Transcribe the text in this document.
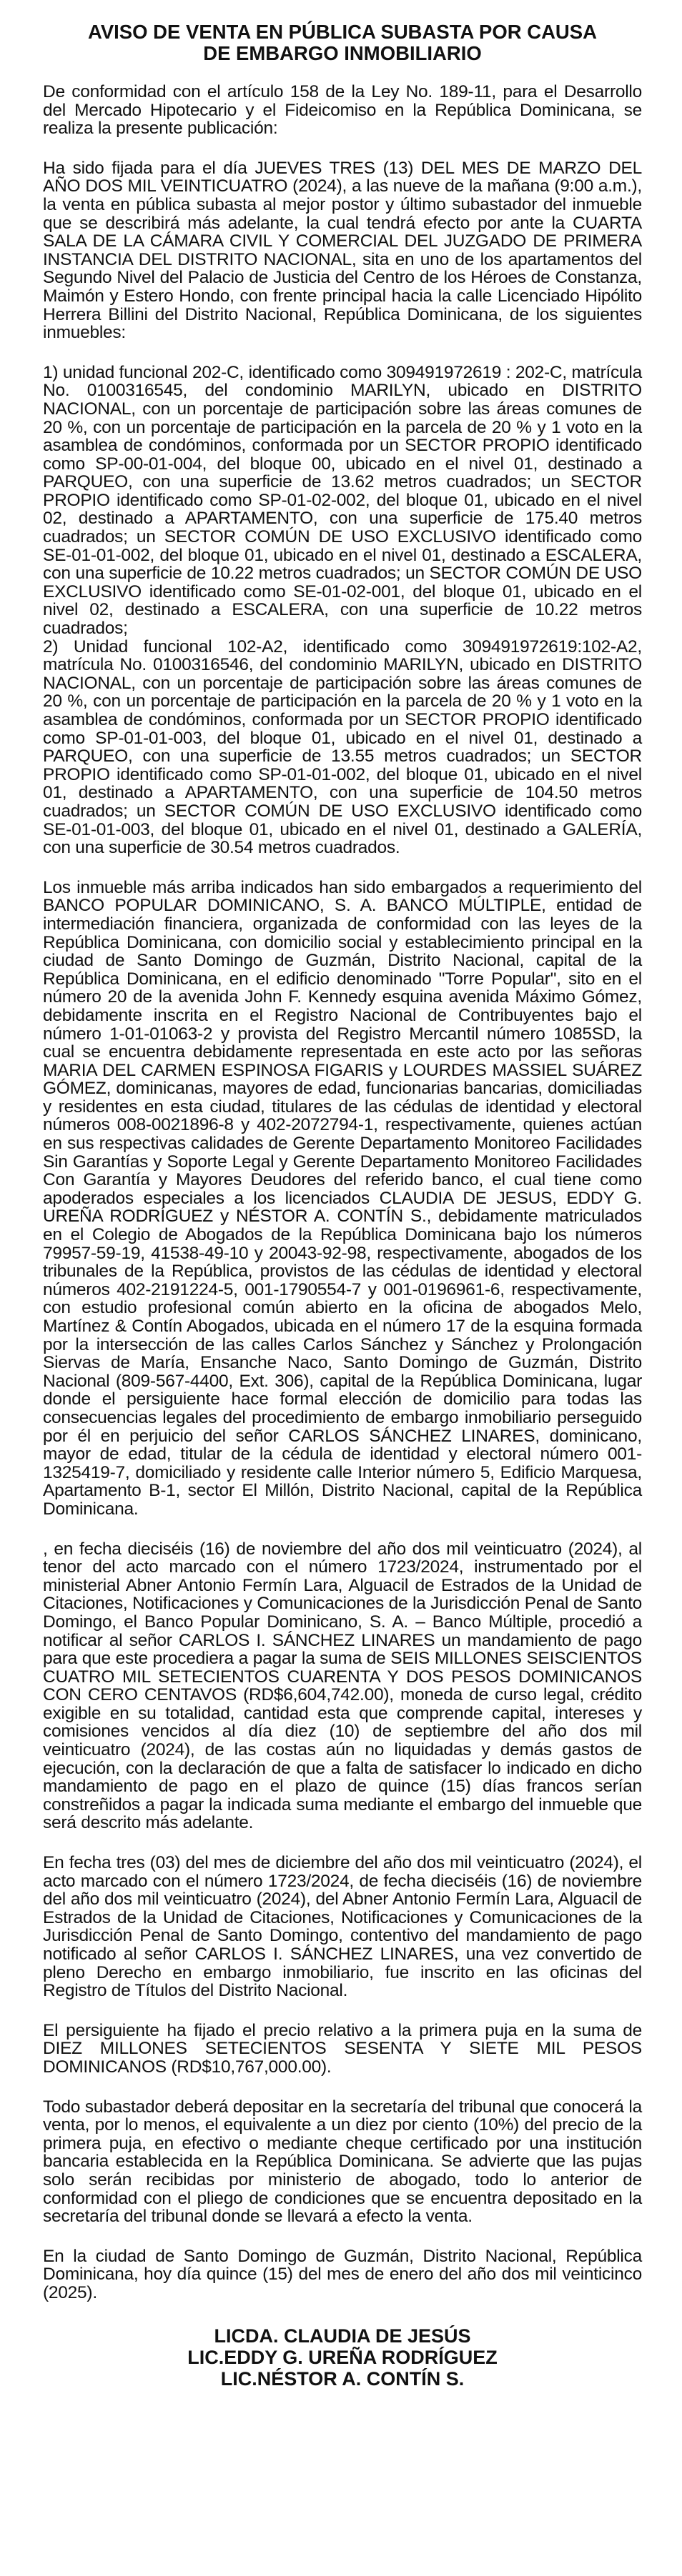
AVISO DE VENTA EN PÚBLICA SUBASTA POR CAUSA
DE EMBARGO INMOBILIARIO

De conformidad con el artículo 158 de la Ley No. 189-11, para el Desarrollo del Mercado Hipotecario y el Fideicomiso en la República Dominicana, se realiza la presente publicación:

Ha sido fijada para el día JUEVES TRES (13) DEL MES DE MARZO DEL AÑO DOS MIL VEINTICUATRO (2024), a las nueve de la mañana (9:00 a.m.), la venta en pública subasta al mejor postor y último subastador del inmueble que se describirá más adelante, la cual tendrá efecto por ante la CUARTA SALA DE LA CÁMARA CIVIL Y COMERCIAL DEL JUZGADO DE PRIMERA INSTANCIA DEL DISTRITO NACIONAL, sita en uno de los apartamentos del Segundo Nivel del Palacio de Justicia del Centro de los Héroes de Constanza, Maimón y Estero Hondo, con frente principal hacia la calle Licenciado Hipólito Herrera Billini del Distrito Nacional, República Dominicana, de los siguientes inmuebles:

1) unidad funcional 202-C, identificado como 309491972619 : 202-C, matrícula No. 0100316545, del condominio MARILYN, ubicado en DISTRITO NACIONAL, con un porcentaje de participación sobre las áreas comunes de 20 %, con un porcentaje de participación en la parcela de 20 % y 1 voto en la asamblea de condóminos, conformada por un SECTOR PROPIO identificado como SP-00-01-004, del bloque 00, ubicado en el nivel 01, destinado a PARQUEO, con una superficie de 13.62 metros cuadrados; un SECTOR PROPIO identificado como SP-01-02-002, del bloque 01, ubicado en el nivel 02, destinado a APARTAMENTO, con una superficie de 175.40 metros cuadrados; un SECTOR COMÚN DE USO EXCLUSIVO identificado como SE-01-01-002, del bloque 01, ubicado en el nivel 01, destinado a ESCALERA, con una superficie de 10.22 metros cuadrados; un SECTOR COMÚN DE USO EXCLUSIVO identificado como SE-01-02-001, del bloque 01, ubicado en el nivel 02, destinado a ESCALERA, con una superficie de 10.22 metros cuadrados;

2) Unidad funcional 102-A2, identificado como 309491972619:102-A2, matrícula No. 0100316546, del condominio MARILYN, ubicado en DISTRITO NACIONAL, con un porcentaje de participación sobre las áreas comunes de 20 %, con un porcentaje de participación en la parcela de 20 % y 1 voto en la asamblea de condóminos, conformada por un SECTOR PROPIO identificado como SP-01-01-003, del bloque 01, ubicado en el nivel 01, destinado a PARQUEO, con una superficie de 13.55 metros cuadrados; un SECTOR PROPIO identificado como SP-01-01-002, del bloque 01, ubicado en el nivel 01, destinado a APARTAMENTO, con una superficie de 104.50 metros cuadrados; un SECTOR COMÚN DE USO EXCLUSIVO identificado como SE-01-01-003, del bloque 01, ubicado en el nivel 01, destinado a GALERÍA, con una superficie de 30.54 metros cuadrados.

Los inmueble más arriba indicados han sido embargados a requerimiento del BANCO POPULAR DOMINICANO, S. A. BANCO MÚLTIPLE, entidad de intermediación financiera, organizada de conformidad con las leyes de la República Dominicana, con domicilio social y establecimiento principal en la ciudad de Santo Domingo de Guzmán, Distrito Nacional, capital de la República Dominicana, en el edificio denominado "Torre Popular", sito en el número 20 de la avenida John F. Kennedy esquina avenida Máximo Gómez, debidamente inscrita en el Registro Nacional de Contribuyentes bajo el número 1-01-01063-2 y provista del Registro Mercantil número 1085SD, la cual se encuentra debidamente representada en este acto por las señoras MARIA DEL CARMEN ESPINOSA FIGARIS y LOURDES MASSIEL SUÁREZ GÓMEZ, dominicanas, mayores de edad, funcionarias bancarias, domiciliadas y residentes en esta ciudad, titulares de las cédulas de identidad y electoral números 008-0021896-8 y 402-2072794-1, respectivamente, quienes actúan en sus respectivas calidades de Gerente Departamento Monitoreo Facilidades Sin Garantías y Soporte Legal y Gerente Departamento Monitoreo Facilidades Con Garantía y Mayores Deudores del referido banco, el cual tiene como apoderados especiales a los licenciados CLAUDIA DE JESUS, EDDY G. UREÑA RODRÍGUEZ y NÉSTOR A. CONTÍN S., debidamente matriculados en el Colegio de Abogados de la República Dominicana bajo los números 79957-59-19, 41538-49-10 y 20043-92-98, respectivamente, abogados de los tribunales de la República, provistos de las cédulas de identidad y electoral números 402-2191224-5, 001-1790554-7 y 001-0196961-6, respectivamente, con estudio profesional común abierto en la oficina de abogados Melo, Martínez & Contín Abogados, ubicada en el número 17 de la esquina formada por la intersección de las calles Carlos Sánchez y Sánchez y Prolongación Siervas de María, Ensanche Naco, Santo Domingo de Guzmán, Distrito Nacional (809-567-4400, Ext. 306), capital de la República Dominicana, lugar donde el persiguiente hace formal elección de domicilio para todas las consecuencias legales del procedimiento de embargo inmobiliario perseguido por él en perjuicio del señor CARLOS SÁNCHEZ LINARES, dominicano, mayor de edad, titular de la cédula de identidad y electoral número 001-1325419-7, domiciliado y residente calle Interior número 5, Edificio Marquesa, Apartamento B-1, sector El Millón, Distrito Nacional, capital de la República Dominicana.

, en fecha dieciséis (16) de noviembre del año dos mil veinticuatro (2024), al tenor del acto marcado con el número 1723/2024, instrumentado por el ministerial Abner Antonio Fermín Lara, Alguacil de Estrados de la Unidad de Citaciones, Notificaciones y Comunicaciones de la Jurisdicción Penal de Santo Domingo, el Banco Popular Dominicano, S. A. – Banco Múltiple, procedió a notificar al señor CARLOS I. SÁNCHEZ LINARES un mandamiento de pago para que este procediera a pagar la suma de SEIS MILLONES SEISCIENTOS CUATRO MIL SETECIENTOS CUARENTA Y DOS PESOS DOMINICANOS CON CERO CENTAVOS (RD$6,604,742.00), moneda de curso legal, crédito exigible en su totalidad, cantidad esta que comprende capital, intereses y comisiones vencidos al día diez (10) de septiembre del año dos mil veinticuatro (2024), de las costas aún no liquidadas y demás gastos de ejecución, con la declaración de que a falta de satisfacer lo indicado en dicho mandamiento de pago en el plazo de quince (15) días francos serían constreñidos a pagar la indicada suma mediante el embargo del inmueble que será descrito más adelante.

En fecha tres (03) del mes de diciembre del año dos mil veinticuatro (2024), el acto marcado con el número 1723/2024, de fecha dieciséis (16) de noviembre del año dos mil veinticuatro (2024), del Abner Antonio Fermín Lara, Alguacil de Estrados de la Unidad de Citaciones, Notificaciones y Comunicaciones de la Jurisdicción Penal de Santo Domingo, contentivo del mandamiento de pago notificado al señor CARLOS I. SÁNCHEZ LINARES, una vez convertido de pleno Derecho en embargo inmobiliario, fue inscrito en las oficinas del Registro de Títulos del Distrito Nacional.

El persiguiente ha fijado el precio relativo a la primera puja en la suma de DIEZ MILLONES SETECIENTOS SESENTA Y SIETE MIL PESOS DOMINICANOS (RD$10,767,000.00).

Todo subastador deberá depositar en la secretaría del tribunal que conocerá la venta, por lo menos, el equivalente a un diez por ciento (10%) del precio de la primera puja, en efectivo o mediante cheque certificado por una institución bancaria establecida en la República Dominicana. Se advierte que las pujas solo serán recibidas por ministerio de abogado, todo lo anterior de conformidad con el pliego de condiciones que se encuentra depositado en la secretaría del tribunal donde se llevará a efecto la venta.

En la ciudad de Santo Domingo de Guzmán, Distrito Nacional, República Dominicana, hoy día quince (15) del mes de enero del año dos mil veinticinco (2025).

LICDA. CLAUDIA DE JESÚS
LIC.EDDY G. UREÑA RODRÍGUEZ
LIC.NÉSTOR A. CONTÍN S.
